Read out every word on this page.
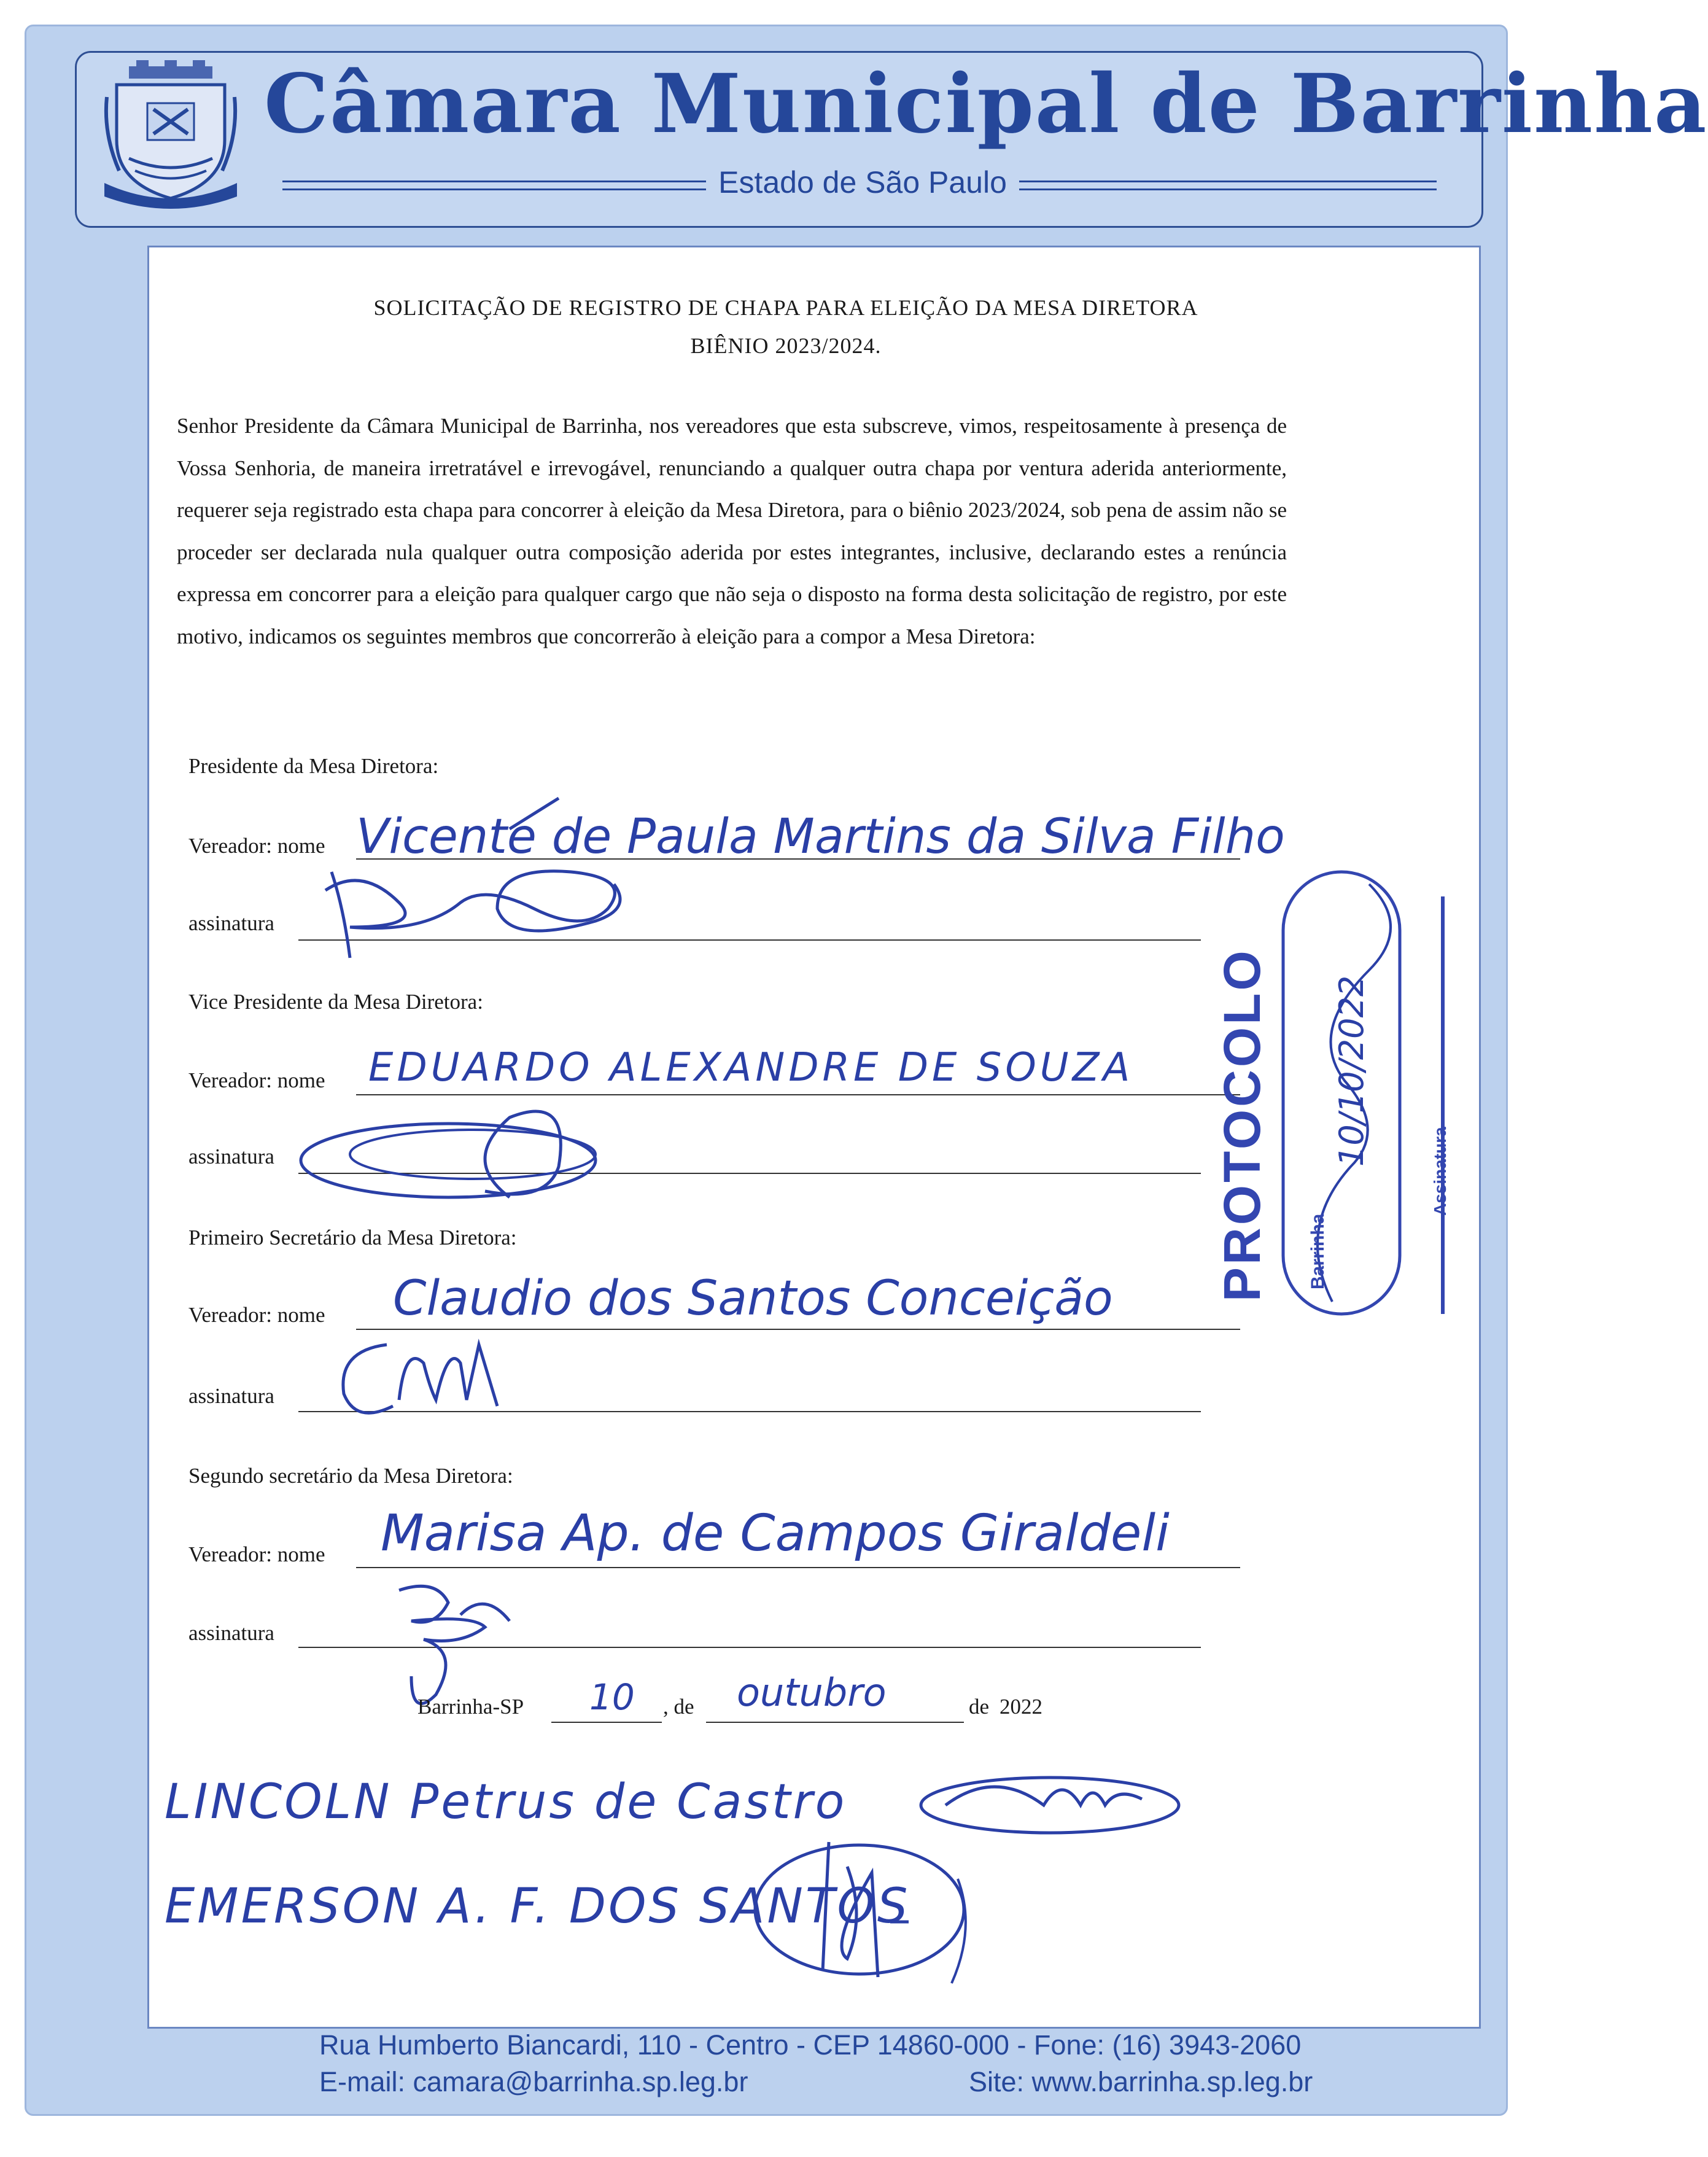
Câmara Municipal de Barrinha
Estado de São Paulo
SOLICITAÇÃO DE REGISTRO DE CHAPA PARA ELEIÇÃO DA MESA DIRETORA
BIÊNIO 2023/2024.
Senhor Presidente da Câmara Municipal de Barrinha, nos vereadores que esta subscreve, vimos, respeitosamente à presença de Vossa Senhoria, de maneira irretratável e irrevogável, renunciando a qualquer outra chapa por ventura aderida anteriormente, requerer seja registrado esta chapa para concorrer à eleição da Mesa Diretora, para o biênio 2023/2024, sob pena de assim não se proceder ser declarada nula qualquer outra composição aderida por estes integrantes, inclusive, declarando estes a renúncia expressa em concorrer para a eleição para qualquer cargo que não seja o disposto na forma desta solicitação de registro, por este motivo, indicamos os seguintes membros que concorrerão à eleição para a compor a Mesa Diretora:
Presidente da Mesa Diretora:
Vereador: nome Vicente de Paula Martins da Silva Filho
assinatura
Vice Presidente da Mesa Diretora:
Vereador: nome EDUARDO ALEXANDRE DE SOUZA
assinatura
Primeiro Secretário da Mesa Diretora:
Vereador: nome Claudio dos Santos Conceição
assinatura
Segundo secretário da Mesa Diretora:
Vereador: nome Marisa Ap. de Campos Giraldeli
assinatura
Barrinha-SP 10 , de outubro	de 2022
LINCOLN Petrus de Castro
EMERSON A. F. DOS SANTOS
PROTOCOLO Barrinha
10/10/2022
Assinatura
Rua Humberto Biancardi, 110 - Centro - CEP 14860-000 - Fone: (16) 3943-2060
E-mail: camara@barrinha.sp.leg.br	Site: www.barrinha.sp.leg.br
